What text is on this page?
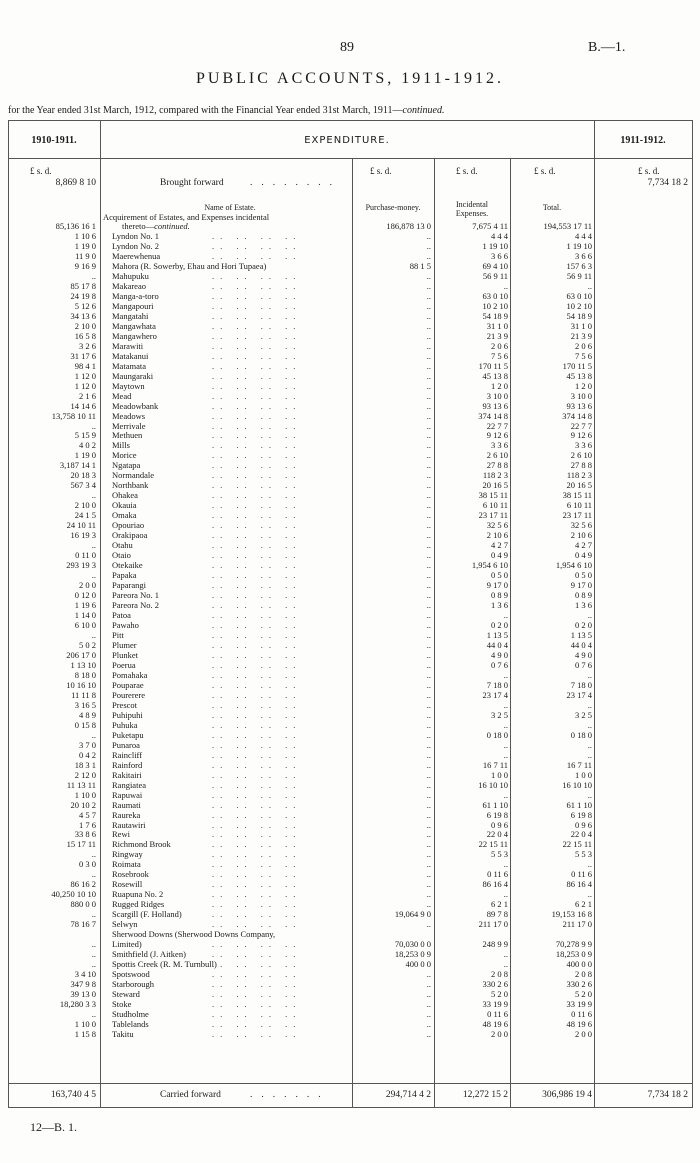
89	B.—1.
PUBLIC ACCOUNTS, 1911-1912.
for the Year ended 31st March, 1912, compared with the Financial Year ended 31st March, 1911—continued.
1910-1911.	EXPENDITURE.	1911-1912.
£ s. d.	£ s. d.	£ s. d.	£ s. d.	£ s. d.
8,869 8 10	Brought forward	........	7,734 18 2
Name of Estate.	Purchase-money.	Incidental Expenses.
Total.
Acquirement of Estates, and Expenses incidental
85,136 16 1	186,878 13 0	7,675 4 11	194,553 17 11
thereto—continued.
1 10 6 Lyndon No. 1	..	4 4 4	4 4 4
.. .. .. ..
1 19 0 Lyndon No. 2	..	1 19 10	1 19 10
.. .. .. ..
11 9 0 Maerewhenua	..	3 6 6	3 6 6
.. .. .. ..
9 16 9 Mahora (R. Sowerby, Ehau and Hori Tupaea)	88 1 5	69 4 10	157 6 3
.. Mahupuku	..	56 9 11	56 9 11
.. .. .. ..
85 17 8 Makareao	..	..	..
.. .. .. ..
24 19 8 Manga-a-toro	..	63 0 10	63 0 10
.. .. .. ..
5 12 6 Mangapouri	..	10 2 10	10 2 10
.. .. .. ..
34 13 6 Mangatahi	..	54 18 9	54 18 9
.. .. .. ..
2 10 0 Mangawhata	..	31 1 0	31 1 0
.. .. .. ..
16 5 8 Mangawhero	..	21 3 9	21 3 9
.. .. .. ..
3 2 6 Marawiti	..	2 0 6	2 0 6
.. .. .. ..
31 17 6 Matakanui	..	7 5 6	7 5 6
.. .. .. ..
98 4 1 Matamata	..	170 11 5	170 11 5
.. .. .. ..
1 12 0 Maungaraki	..	45 13 8	45 13 8
.. .. .. ..
1 12 0 Maytown	..	1 2 0	1 2 0
.. .. .. ..
2 1 6 Mead	..	3 10 0	3 10 0
.. .. .. ..
14 14 6 Meadowbank	..	93 13 6	93 13 6
.. .. .. ..
13,758 10 11 Meadows	..	374 14 8	374 14 8
.. .. .. ..
.. Merrivale	..	22 7 7	22 7 7
.. .. .. ..
5 15 9 Methuen	..	9 12 6	9 12 6
.. .. .. ..
4 0 2 Mills	..	3 3 6	3 3 6
.. .. .. ..
1 19 0 Morice	..	2 6 10	2 6 10
.. .. .. ..
3,187 14 1 Ngatapa	..	27 8 8	27 8 8
.. .. .. ..
20 18 3 Normandale	..	118 2 3	118 2 3
.. .. .. ..
567 3 4 Northbank	..	20 16 5	20 16 5
.. .. .. ..
.. Ohakea	..	38 15 11	38 15 11
.. .. .. ..
2 10 0 Okauia	..	6 10 11	6 10 11
.. .. .. ..
24 1 5 Omaka	..	23 17 11	23 17 11
.. .. .. ..
24 10 11 Opouriao	..	32 5 6	32 5 6
.. .. .. ..
16 19 3 Orakipaoa	..	2 10 6	2 10 6
.. .. .. ..
.. Otahu	..	4 2 7	4 2 7
.. .. .. ..
0 11 0 Otaio	..	0 4 9	0 4 9
.. .. .. ..
293 19 3 Otekaike	..	1,954 6 10	1,954 6 10
.. .. .. ..
.. Papaka	..	0 5 0	0 5 0
.. .. .. ..
2 0 0 Paparangi	..	9 17 0	9 17 0
.. .. .. ..
0 12 0 Pareora No. 1	..	0 8 9	0 8 9
.. .. .. ..
1 19 6 Pareora No. 2	..	1 3 6	1 3 6
.. .. .. ..
1 14 0 Patoa	..	..	..
.. .. .. ..
6 10 0 Pawaho	..	0 2 0	0 2 0
.. .. .. ..
.. Pitt	..	1 13 5	1 13 5
.. .. .. ..
5 0 2 Plumer	..	44 0 4	44 0 4
.. .. .. ..
206 17 0 Plunket	..	4 9 0	4 9 0
.. .. .. ..
1 13 10 Poerua	..	0 7 6	0 7 6
.. .. .. ..
8 18 0 Pomahaka	..	..	..
.. .. .. ..
10 16 10 Pouparae	..	7 18 0	7 18 0
.. .. .. ..
11 11 8 Pourerere	..	23 17 4	23 17 4
.. .. .. ..
3 16 5 Prescot	..	..	..
.. .. .. ..
4 8 9 Puhipuhi	..	3 2 5	3 2 5
.. .. .. ..
0 15 8 Puhuka	..	..	..
.. .. .. ..
.. Puketapu	..	0 18 0	0 18 0
.. .. .. ..
3 7 0 Punaroa	..	..	..
.. .. .. ..
0 4 2 Raincliff	..	..	..
.. .. .. ..
18 3 1 Rainford	..	16 7 11	16 7 11
.. .. .. ..
2 12 0 Rakitairi	..	1 0 0	1 0 0
.. .. .. ..
11 13 11 Rangiatea	..	16 10 10	16 10 10
.. .. .. ..
1 10 0 Rapuwai	..	..	..
.. .. .. ..
20 10 2 Raumati	..	61 1 10	61 1 10
.. .. .. ..
4 5 7 Raureka	..	6 19 8	6 19 8
.. .. .. ..
1 7 6 Rautawiri	..	0 9 6	0 9 6
.. .. .. ..
33 8 6 Rewi	..	22 0 4	22 0 4
.. .. .. ..
15 17 11 Richmond Brook	..	22 15 11	22 15 11
.. .. .. ..
.. Ringway	..	5 5 3	5 5 3
.. .. .. ..
0 3 0 Roimata	..	..	..
.. .. .. ..
.. Rosebrook	..	0 11 6	0 11 6
.. .. .. ..
86 16 2 Rosewill	..	86 16 4	86 16 4
.. .. .. ..
40,250 10 10 Ruapuna No. 2	..	..	..
.. .. .. ..
880 0 0 Rugged Ridges	..	6 2 1	6 2 1
.. .. .. ..
.. Scargill (F. Holland)	19,064 9 0	89 7 8	19,153 16 8
.. .. .. ..
78 16 7 Selwyn	..	211 17 0	211 17 0
.. .. .. ..
Sherwood Downs (Sherwood Downs Company,
.. Limited)	70,030 0 0	248 9 9	70,278 9 9
.. .. .. ..
.. Smithfield (J. Aitken)	18,253 0 9	..	18,253 0 9
.. .. .. ..
.. Spottis Creek (R. M. Turnbull)	400 0 0	..	400 0 0
.. .. .. ..
3 4 10 Spotswood	..	2 0 8	2 0 8
.. .. .. ..
347 9 8 Starborough	..	330 2 6	330 2 6
.. .. .. ..
39 13 0 Steward	..	5 2 0	5 2 0
.. .. .. ..
18,280 3 3 Stoke	..	33 19 9	33 19 9
.. .. .. ..
.. Studholme	..	0 11 6	0 11 6
.. .. .. ..
1 10 0 Tablelands	..	48 19 6	48 19 6
.. .. .. ..
1 15 8 Takitu	..	2 0 0	2 0 0
.. .. .. ..
163,740 4 5	Carried forward	.......	294,714 4 2	12,272 15 2	306,986 19 4	7,734 18 2
12—B. 1.
